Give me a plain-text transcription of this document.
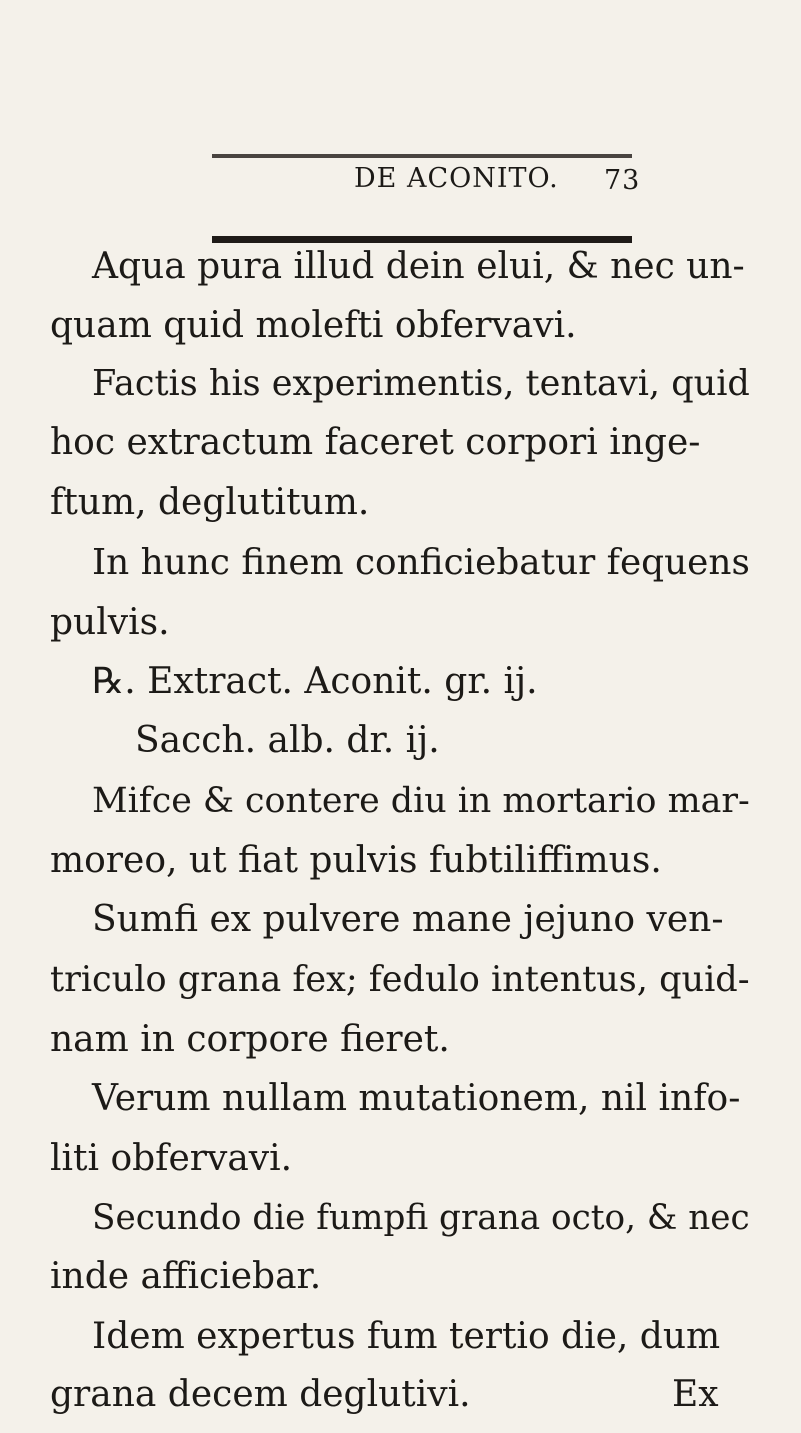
DE ACONITO. 73
Aqua pura illud dein elui, & nec un-
quam quid molefti obfervavi.
Factis his experimentis, tentavi, quid
hoc extractum faceret corpori inge-
ftum, deglutitum.
In hunc finem conficiebatur fequens
pulvis.
℞. Extract. Aconit. gr. ij.
Sacch. alb. dr. ij.
Mifce & contere diu in mortario mar-
moreo, ut fiat pulvis fubtiliffimus.
Sumfi ex pulvere mane jejuno ven-
triculo grana fex; fedulo intentus, quid-
nam in corpore fieret.
Verum nullam mutationem, nil info-
liti obfervavi.
Secundo die fumpfi grana octo, & nec
inde afficiebar.
Idem expertus fum tertio die, dum
grana decem deglutivi.	Ex
